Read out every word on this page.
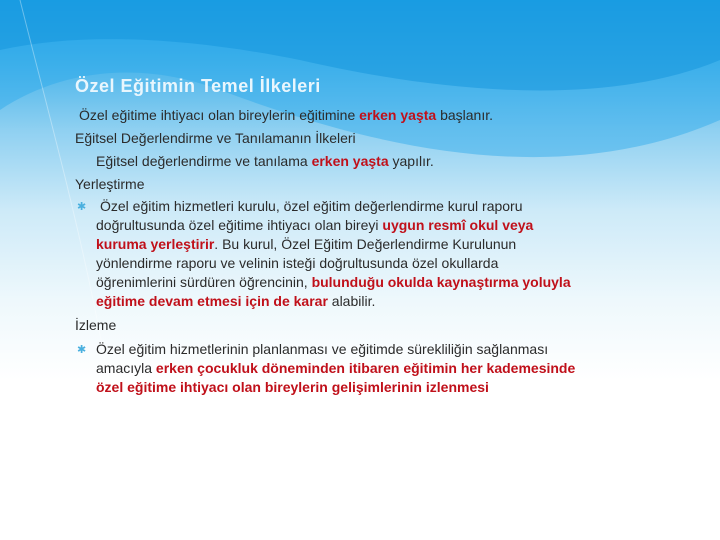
Özel Eğitimin Temel İlkeleri
Özel eğitime ihtiyacı olan bireylerin eğitimine erken yaşta başlanır.
Eğitsel Değerlendirme ve Tanılamanın İlkeleri
Eğitsel değerlendirme ve tanılama erken yaşta yapılır.
Yerleştirme
✱ Özel eğitim hizmetleri kurulu, özel eğitim değerlendirme kurul raporu
doğrultusunda özel eğitime ihtiyacı olan bireyi uygun resmî okul veya
kuruma yerleştirir. Bu kurul, Özel Eğitim Değerlendirme Kurulunun
yönlendirme raporu ve velinin isteği doğrultusunda özel okullarda
öğrenimlerini sürdüren öğrencinin, bulunduğu okulda kaynaştırma yoluyla
eğitime devam etmesi için de karar alabilir.
İzleme
✱ Özel eğitim hizmetlerinin planlanması ve eğitimde sürekliliğin sağlanması
amacıyla erken çocukluk döneminden itibaren eğitimin her kademesinde
özel eğitime ihtiyacı olan bireylerin gelişimlerinin izlenmesi
